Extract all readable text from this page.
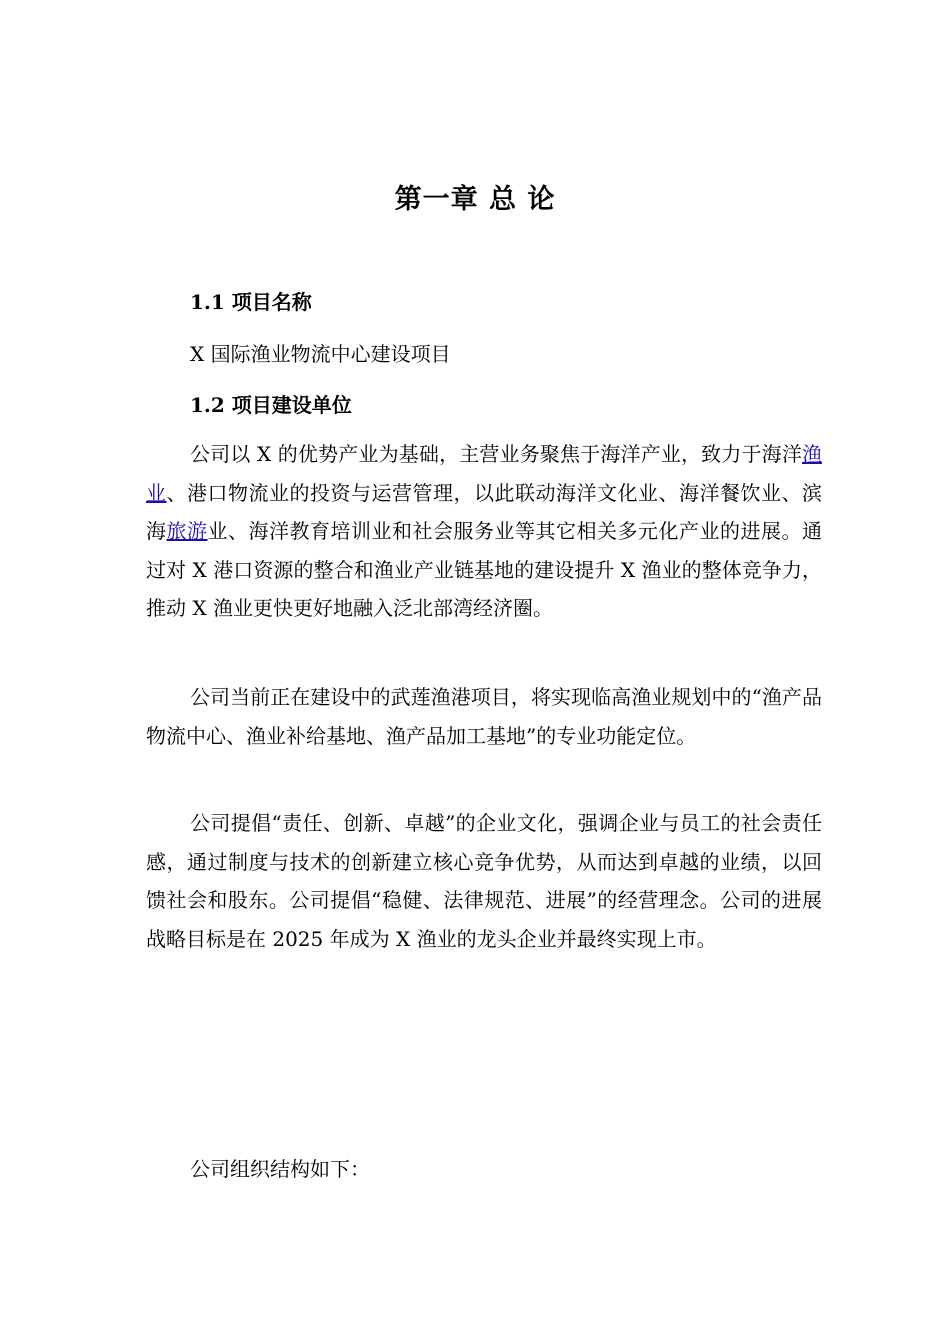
第一章 总 论
1.1 项目名称

X 国际渔业物流中心建设项目

1.2 项目建设单位

公司以 X 的优势产业为基础，主营业务聚焦于海洋产业，致力于海洋渔业、港口物流业的投资与运营管理，以此联动海洋文化业、海洋餐饮业、滨海旅游业、海洋教育培训业和社会服务业等其它相关多元化产业的进展。通过对 X 港口资源的整合和渔业产业链基地的建设提升 X 渔业的整体竞争力，推动 X 渔业更快更好地融入泛北部湾经济圈。

公司当前正在建设中的武莲渔港项目，将实现临高渔业规划中的“渔产品物流中心、渔业补给基地、渔产品加工基地”的专业功能定位。

公司提倡“责任、创新、卓越”的企业文化，强调企业与员工的社会责任感，通过制度与技术的创新建立核心竞争优势，从而达到卓越的业绩，以回馈社会和股东。公司提倡“稳健、法律规范、进展”的经营理念。公司的进展战略目标是在 2025 年成为 X 渔业的龙头企业并最终实现上市。

公司组织结构如下：
